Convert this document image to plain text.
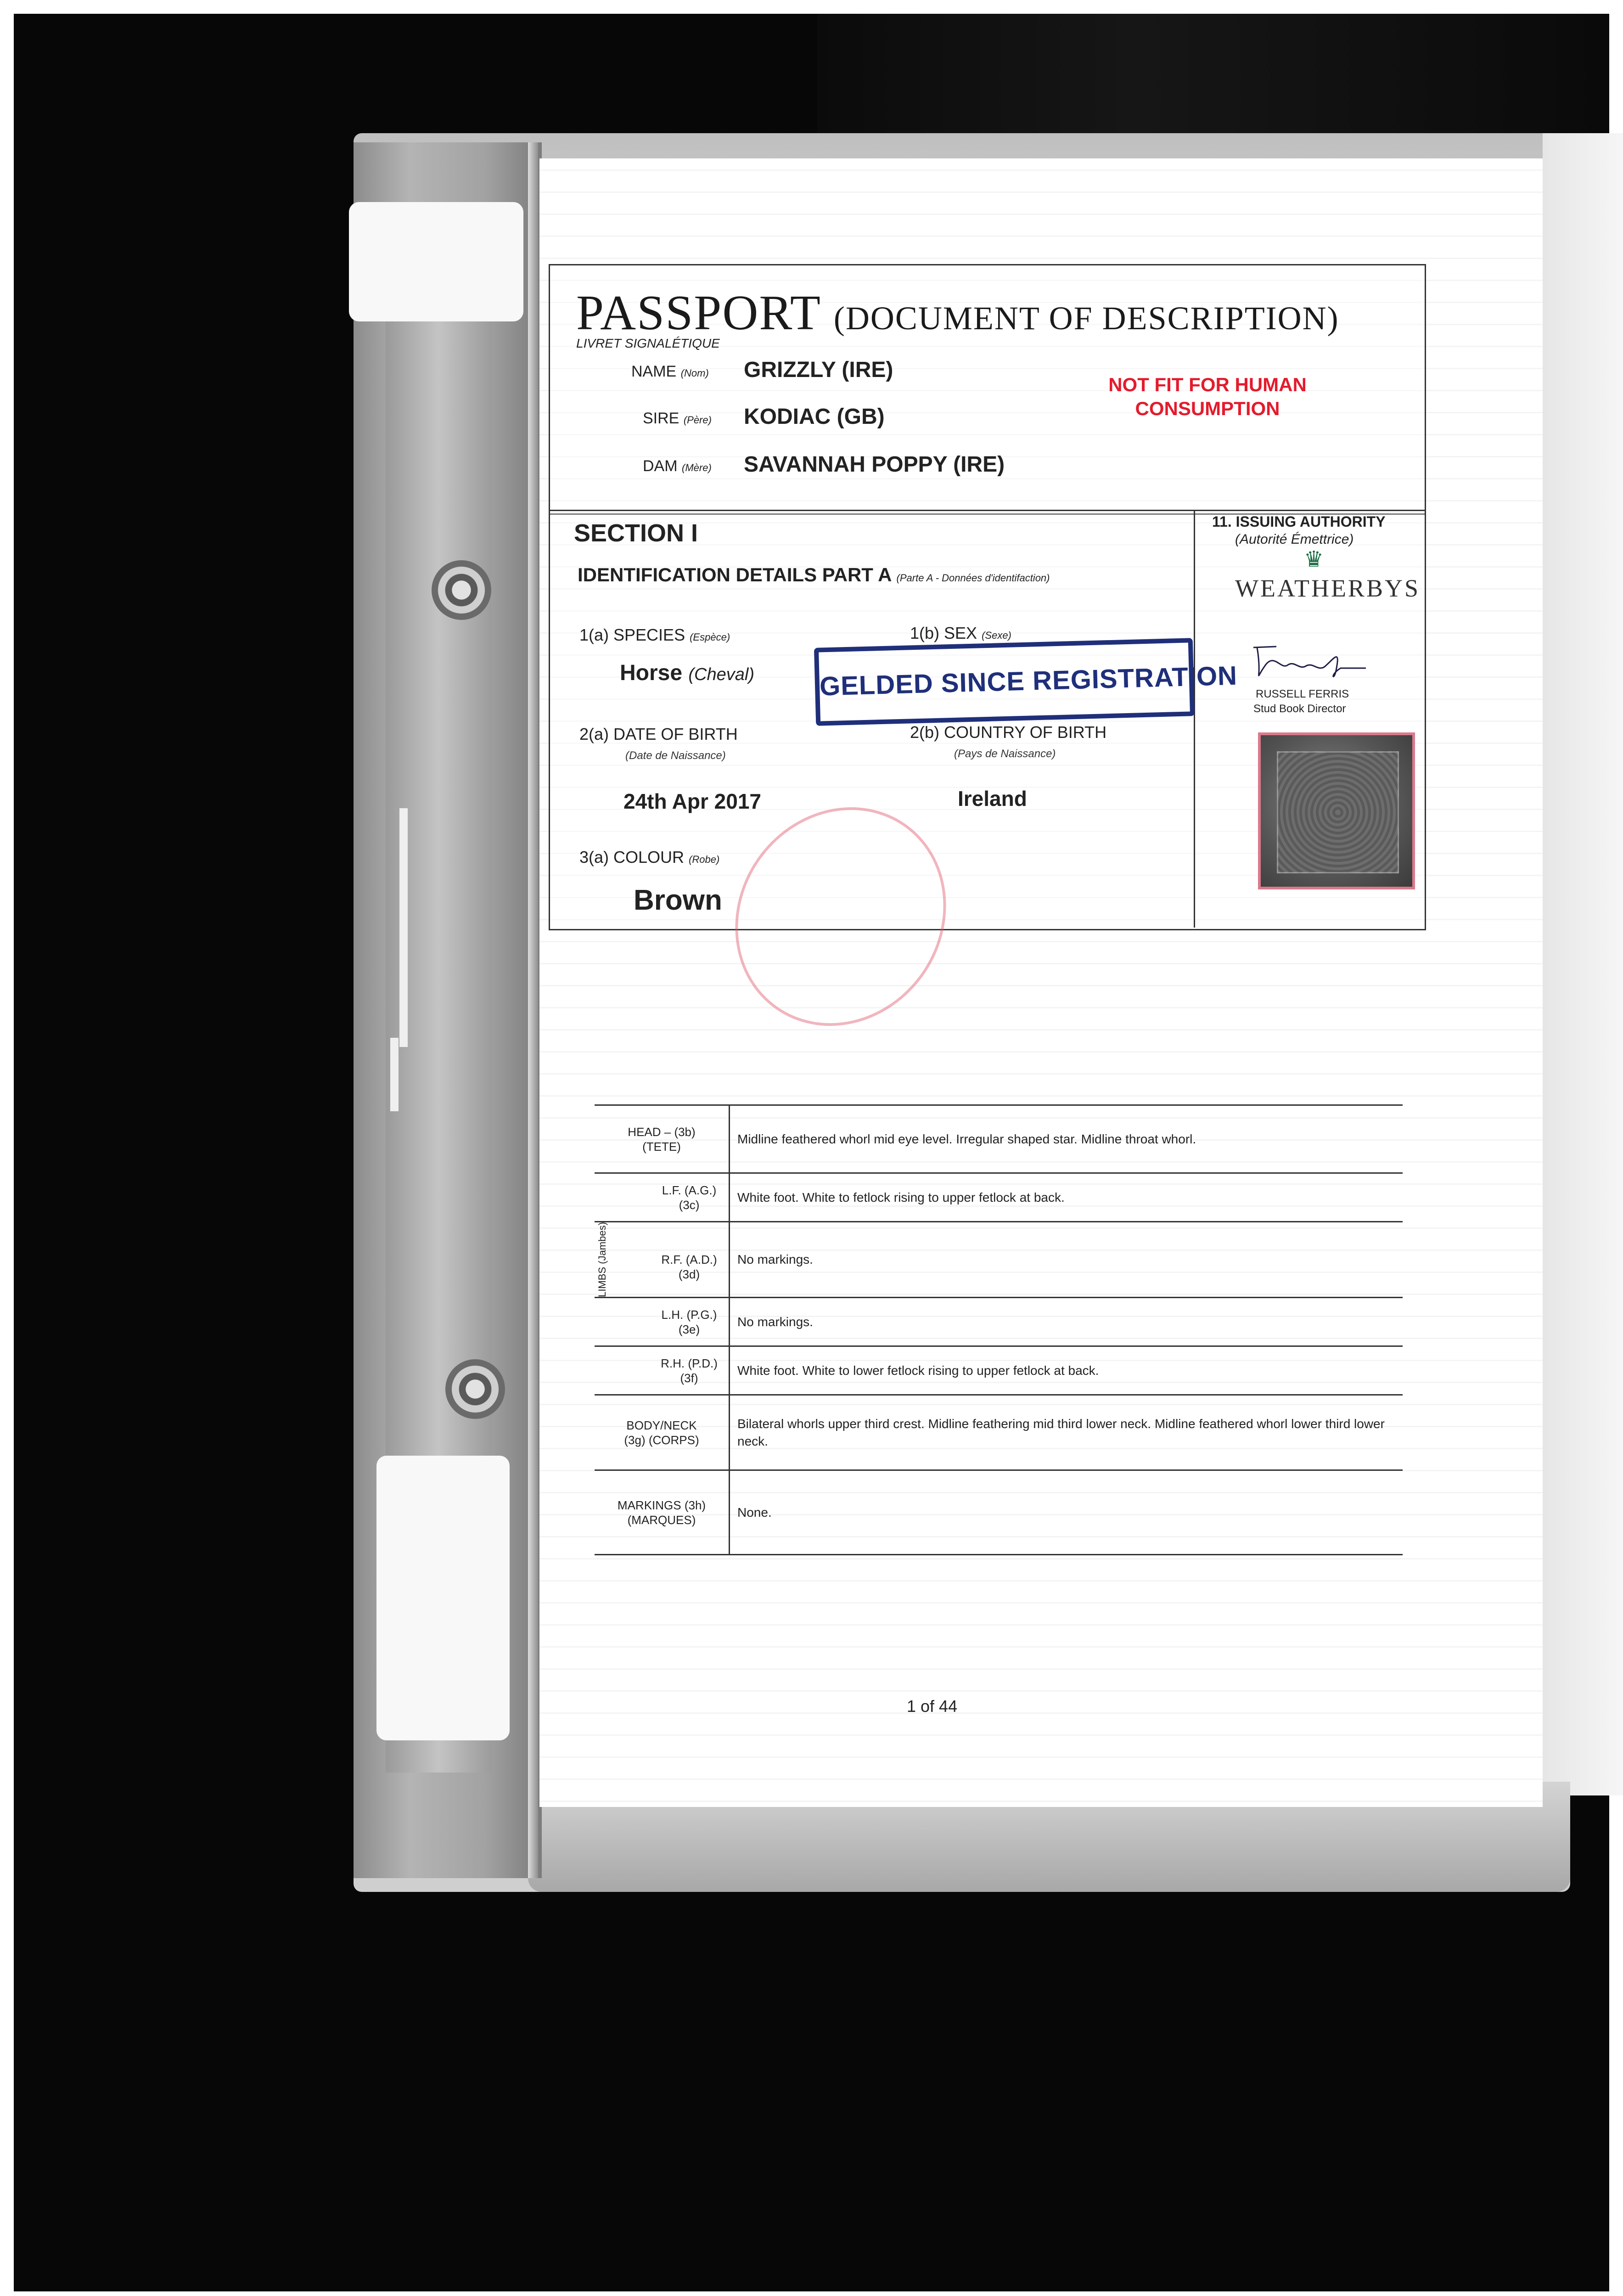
PASSPORT (DOCUMENT OF DESCRIPTION)
LIVRET SIGNALÉTIQUE
NAME (Nom) GRIZZLY (IRE)
SIRE (Père) KODIAC (GB)
DAM (Mère) SAVANNAH POPPY (IRE)
NOT FIT FOR HUMAN CONSUMPTION
SECTION I
IDENTIFICATION DETAILS PART A (Parte A - Données d'identifaction)
1(a) SPECIES (Espèce)
Horse (Cheval)
1(b) SEX (Sexe)
GELDED SINCE REGISTRATION
2(a) DATE OF BIRTH
(Date de Naissance)
24th Apr 2017
2(b) COUNTRY OF BIRTH
(Pays de Naissance)
Ireland
3(a) COLOUR (Robe)
Brown
11. ISSUING AUTHORITY
(Autorité Émettrice)
♛
WEATHERBYS
RUSSELL FERRIS
Stud Book Director
HEAD – (3b)
(TETE)	Midline feathered whorl mid eye level. Irregular shaped star. Midline throat whorl.

L.F. (A.G.)
(3c)	White foot. White to fetlock rising to upper fetlock at back.

LIMBS (Jambes) R.F. (A.D.)
(3d)	No markings.

L.H. (P.G.)
(3e)	No markings.

R.H. (P.D.)
(3f)	White foot. White to lower fetlock rising to upper fetlock at back.
BODY/NECK
(3g) (CORPS)	Bilateral whorls upper third crest. Midline feathering mid third lower neck. Midline feathered whorl lower third lower neck.
MARKINGS (3h)
(MARQUES)	None.
1 of 44
